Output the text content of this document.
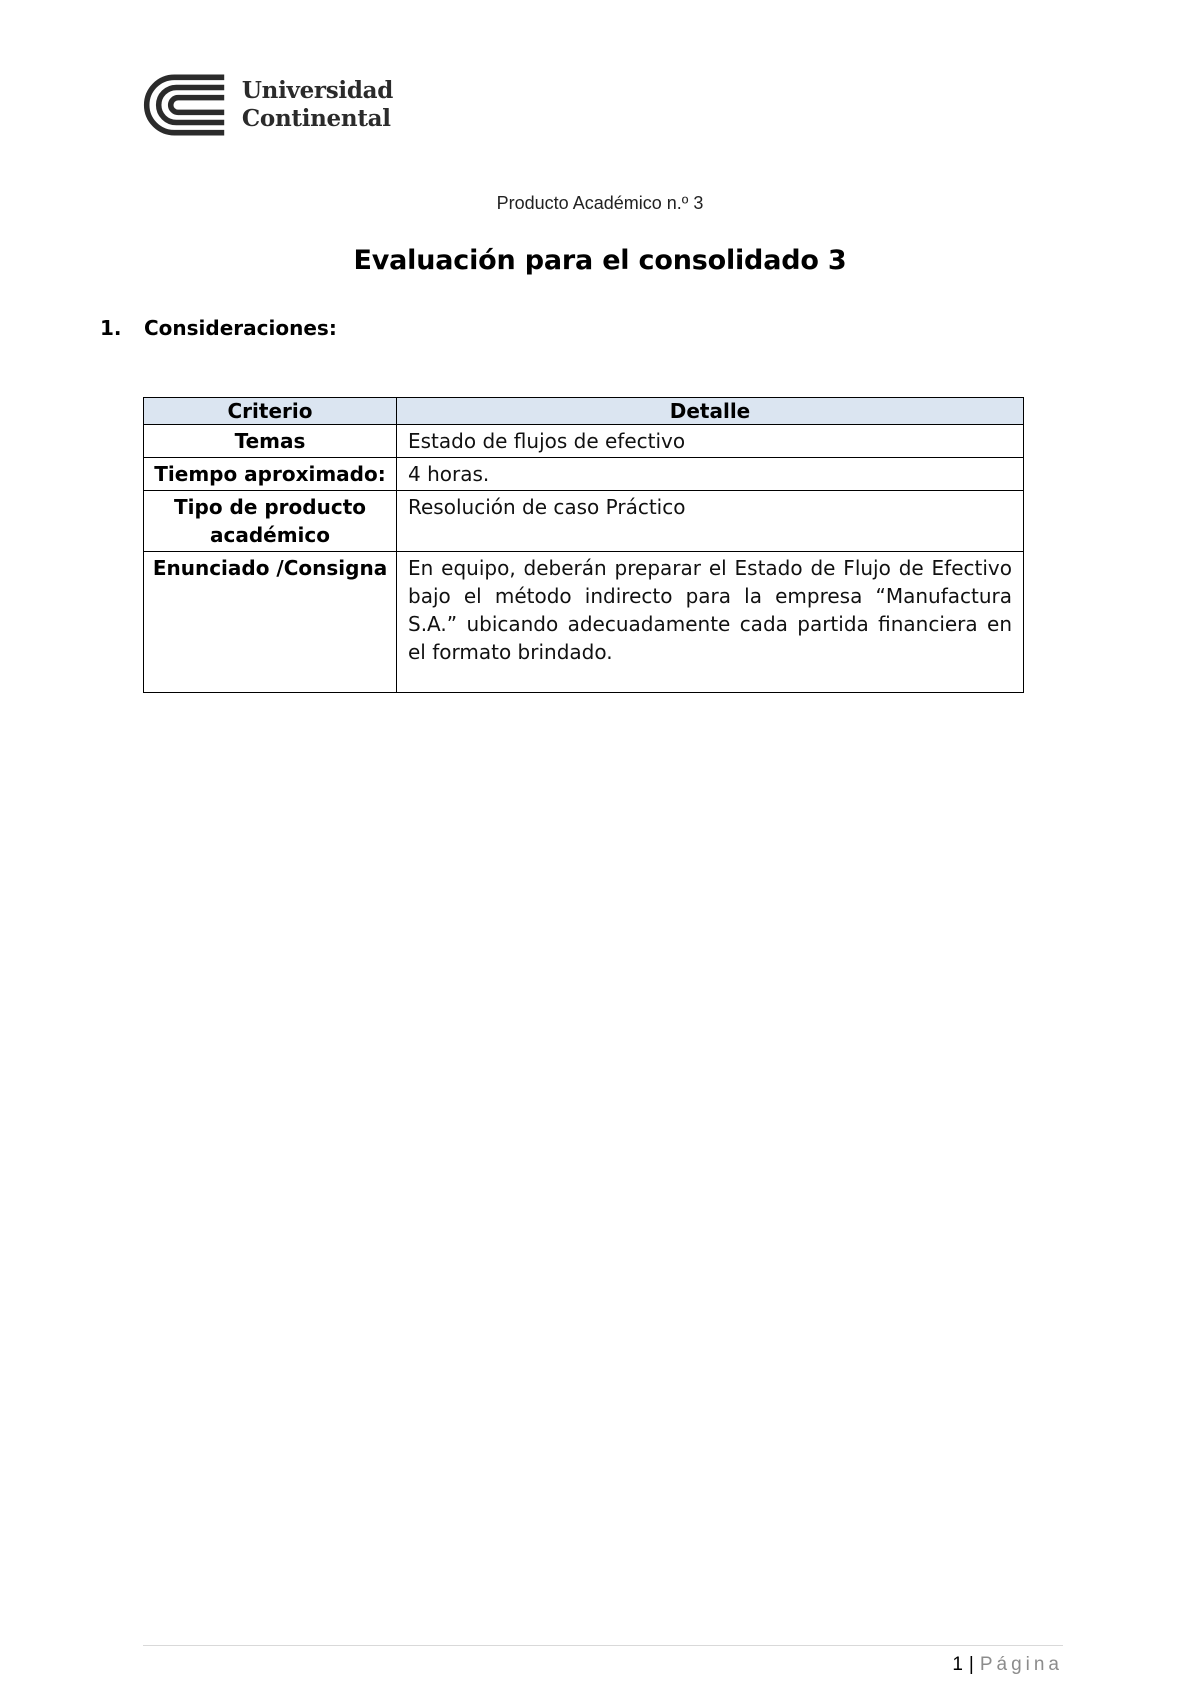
Universidad
Continental
Producto Académico n.º 3
Evaluación para el consolidado 3
1.	Consideraciones:
Criterio	Detalle
Temas	Estado de flujos de efectivo
Tiempo aproximado:	4 horas.
Tipo de producto académico	Resolución de caso Práctico
Enunciado /Consigna	En equipo, deberán preparar el Estado de Flujo de Efectivo bajo el método indirecto para la empresa “Manufactura S.A.” ubicando adecuadamente cada partida financiera en el formato brindado.
1 | Página
